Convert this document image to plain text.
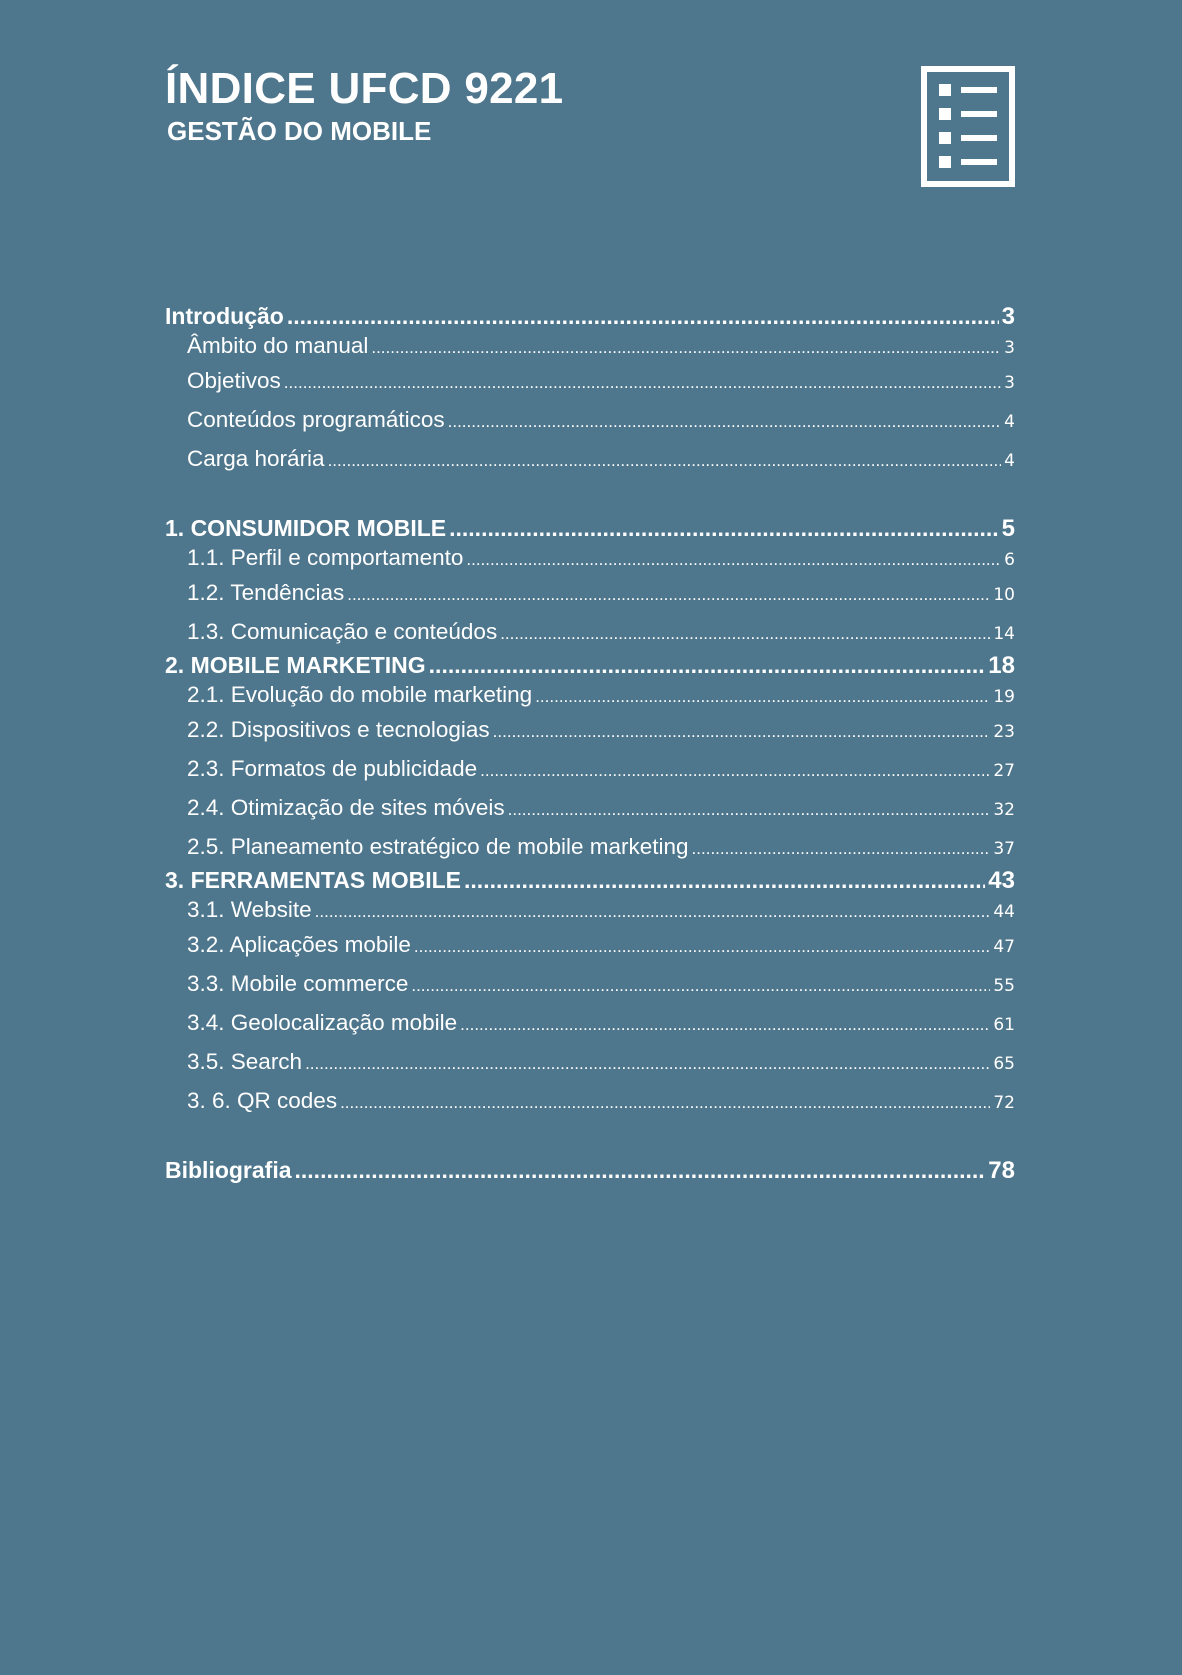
ÍNDICE UFCD 9221
GESTÃO DO MOBILE
Introdução .....	3
Âmbito do manual .....	3
Objetivos .....	3
Conteúdos programáticos .....	4
Carga horária .....	4
1. CONSUMIDOR MOBILE .....	5
1.1. Perfil e comportamento .....	6
1.2. Tendências .....	10
1.3. Comunicação e conteúdos .....	14
2. MOBILE MARKETING .....	18
2.1. Evolução do mobile marketing .....	19
2.2. Dispositivos e tecnologias .....	23
2.3. Formatos de publicidade .....	27
2.4. Otimização de sites móveis .....	32
2.5. Planeamento estratégico de mobile marketing .....	37
3. FERRAMENTAS MOBILE .....	43
3.1. Website .....	44
3.2. Aplicações mobile .....	47
3.3. Mobile commerce .....	55
3.4. Geolocalização mobile .....	61
3.5. Search .....	65
3. 6. QR codes .....	72
Bibliografia .....	78
